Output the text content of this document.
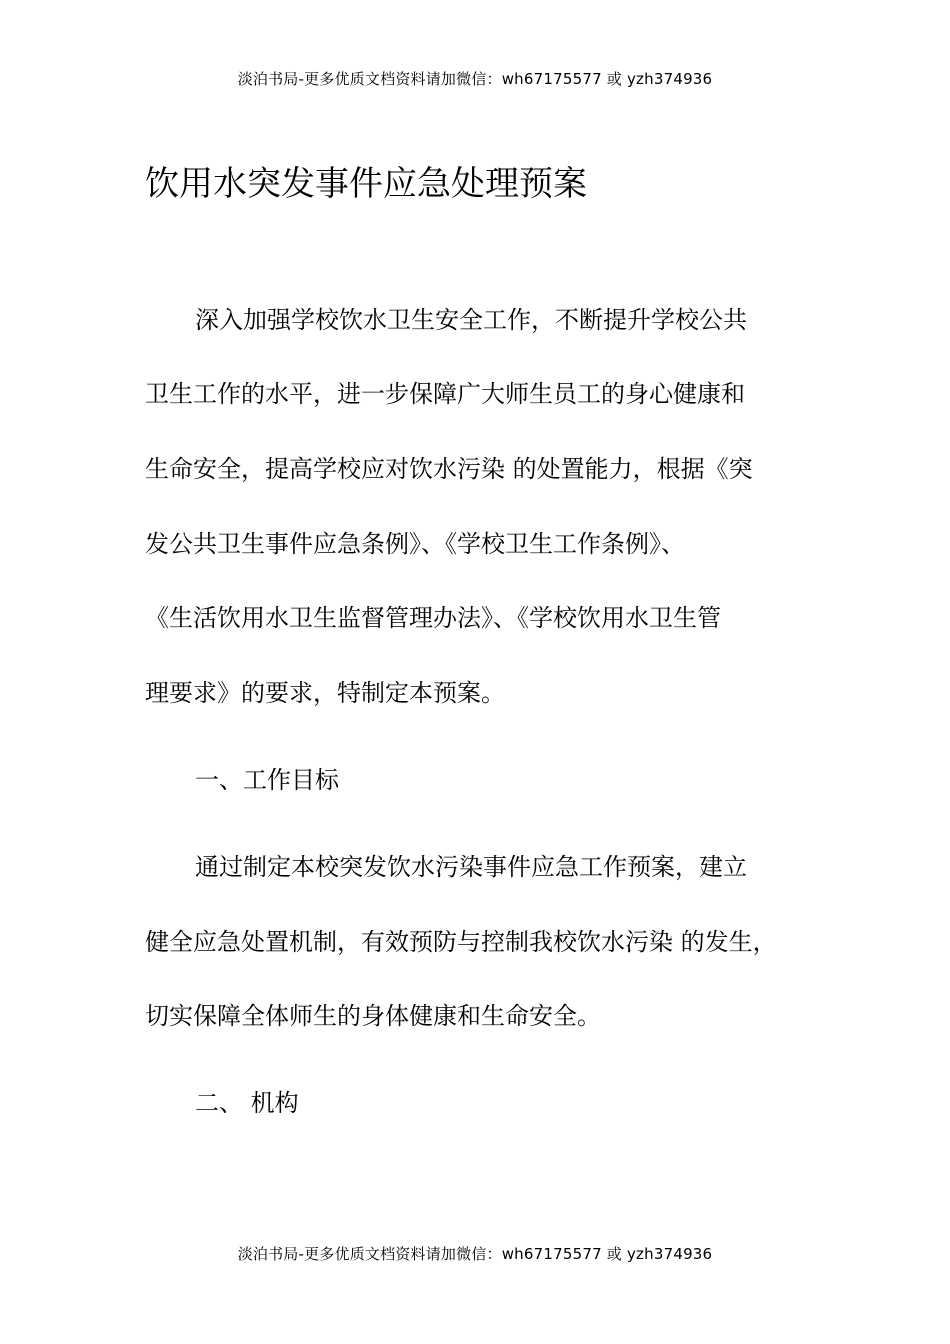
淡泊书局-更多优质文档资料请加微信：wh67175577 或 yzh374936
饮用水突发事件应急处理预案
深入加强学校饮水卫生安全工作，不断提升学校公共
卫生工作的水平，进一步保障广大师生员工的身心健康和
生命安全，提高学校应对饮水污染 的处置能力，根据《突
发公共卫生事件应急条例》、《学校卫生工作条例》、
《生活饮用水卫生监督管理办法》、《学校饮用水卫生管
理要求》的要求，特制定本预案。
一、工作目标
通过制定本校突发饮水污染事件应急工作预案，建立
健全应急处置机制，有效预防与控制我校饮水污染 的发生，
切实保障全体师生的身体健康和生命安全。
二、 机构
淡泊书局-更多优质文档资料请加微信：wh67175577 或 yzh374936
